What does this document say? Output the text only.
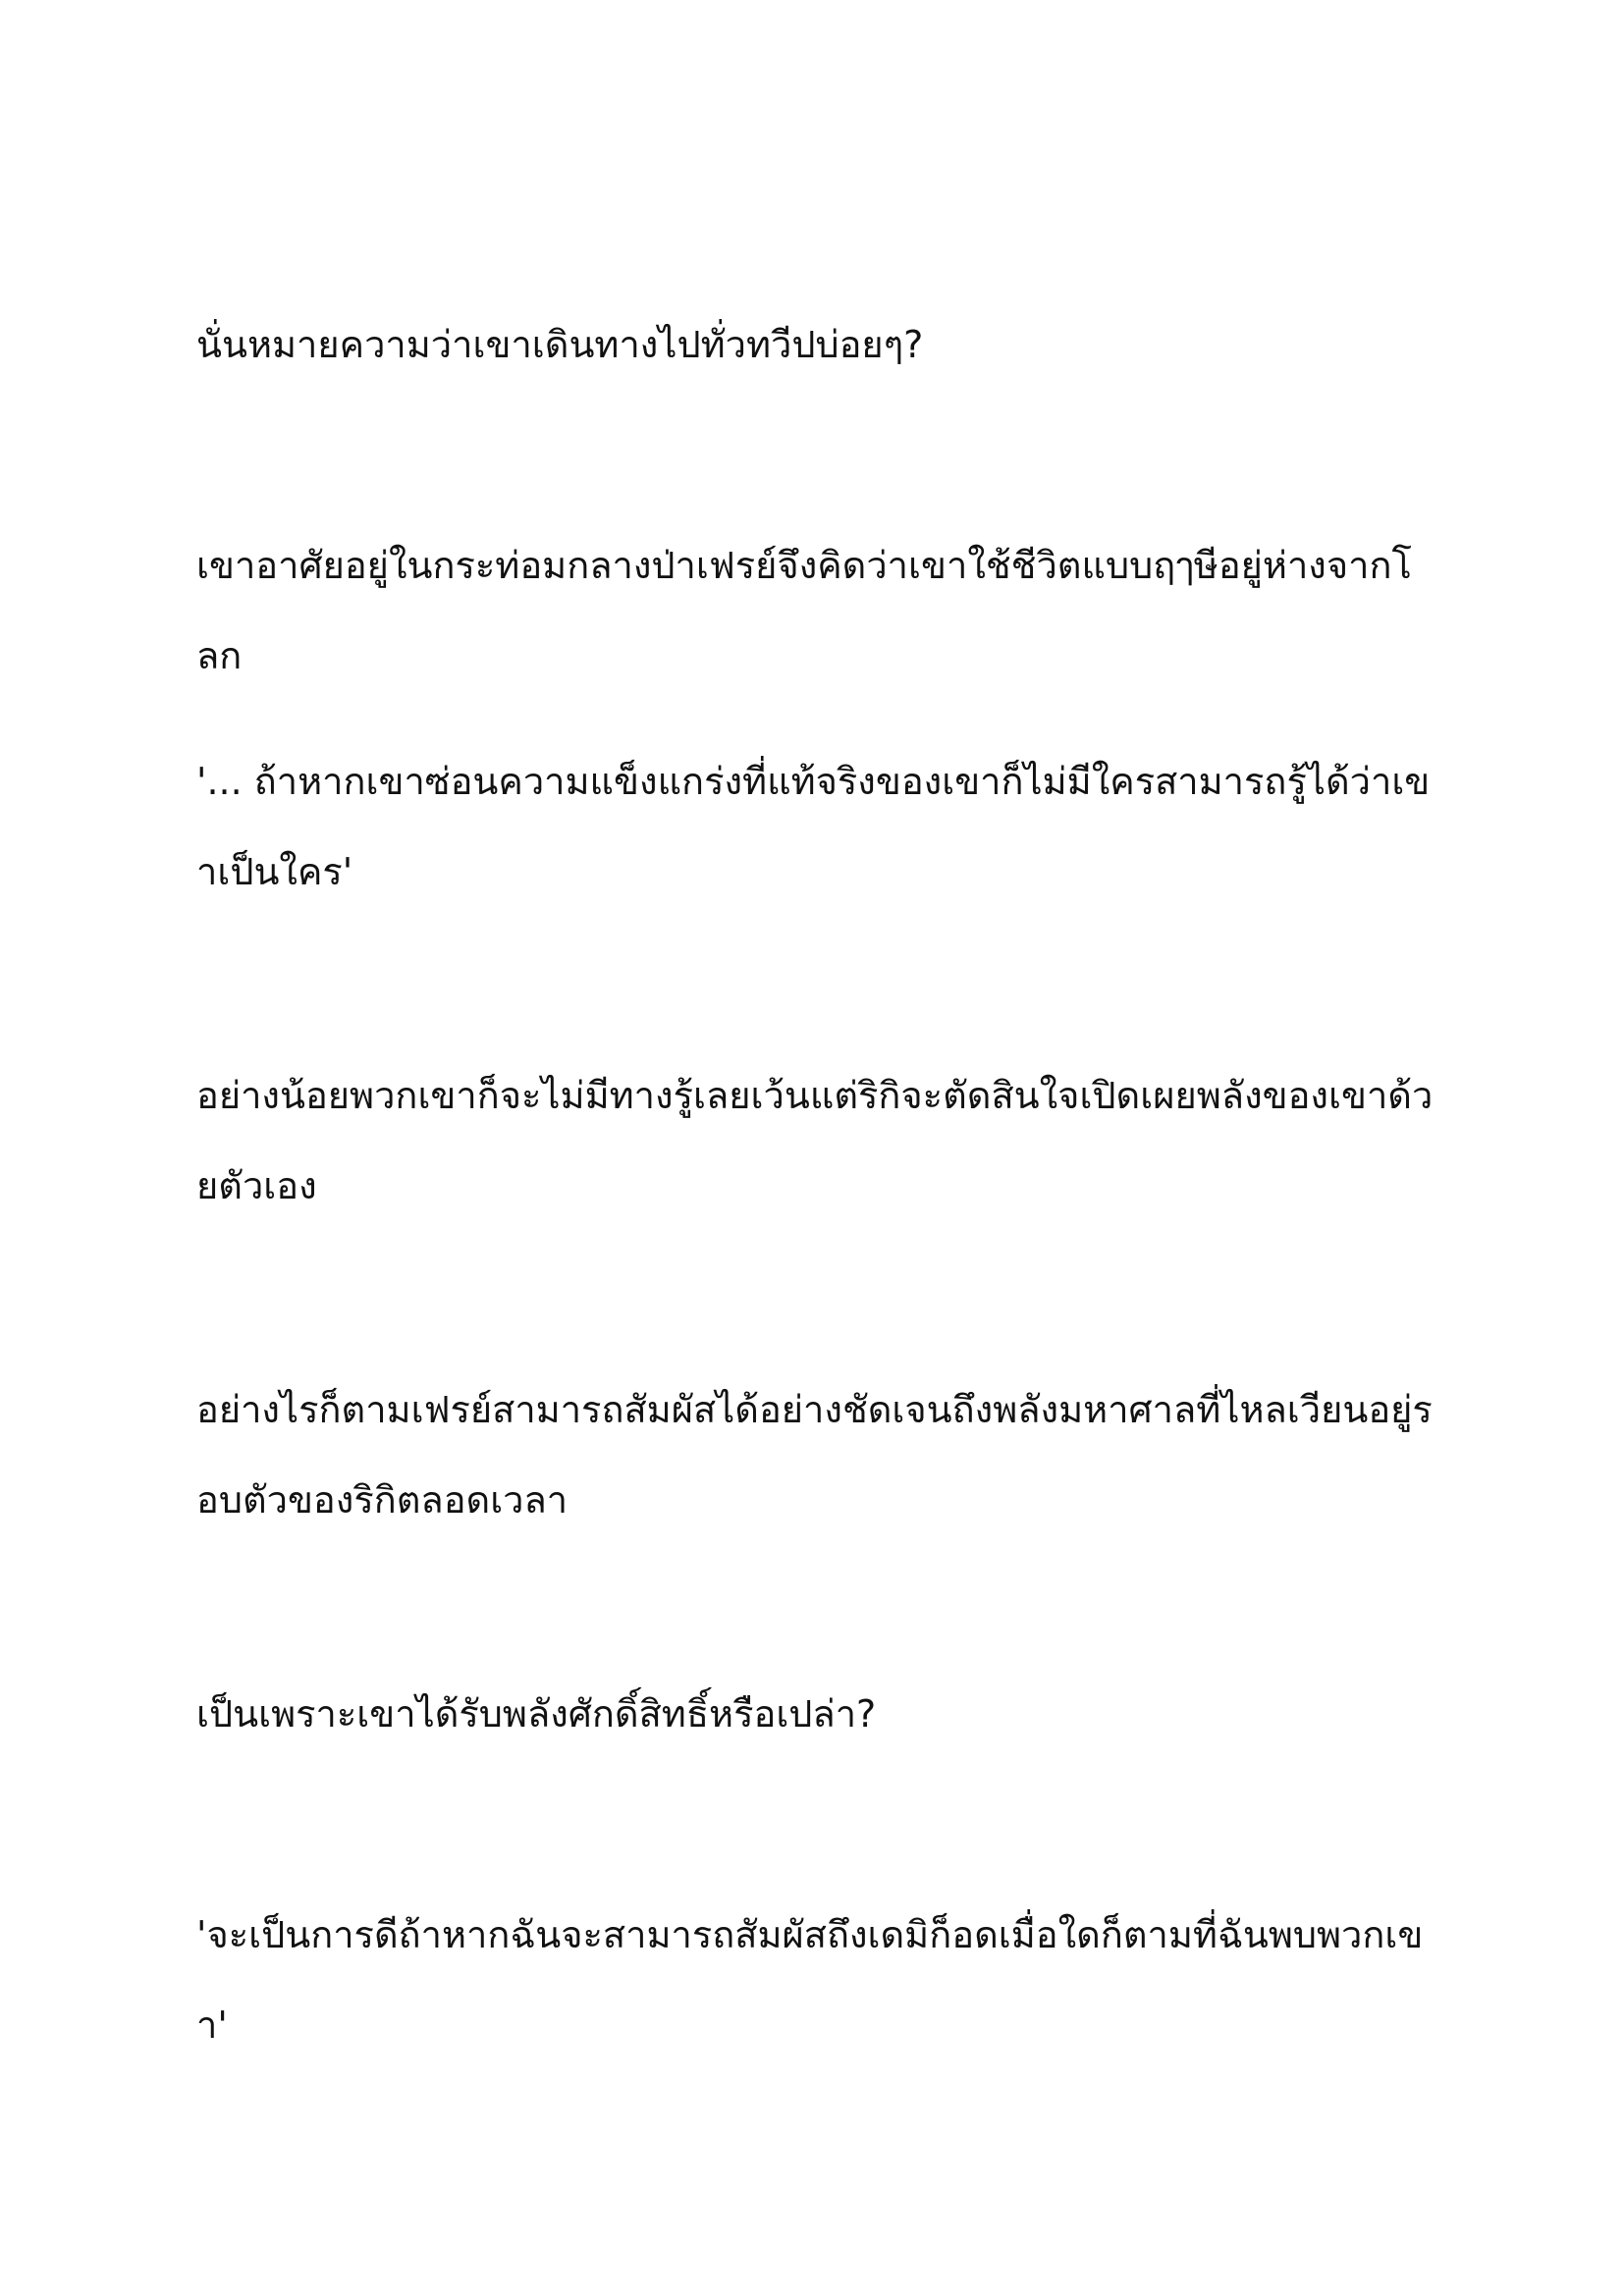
นั่นหมายความว่าเขาเดินทางไปทั่วทวีปบ่อยๆ?

เขาอาศัยอยู่ในกระท่อมกลางป่าเฟรย์จึงคิดว่าเขาใช้ชีวิตแบบฤๅษีอยู่ห่างจากโลก

'... ถ้าหากเขาซ่อนความแข็งแกร่งที่แท้จริงของเขาก็ไม่มีใครสามารถรู้ได้ว่าเขาเป็นใคร'

อย่างน้อยพวกเขาก็จะไม่มีทางรู้เลยเว้นแต่ริกิจะตัดสินใจเปิดเผยพลังของเขาด้วยตัวเอง

อย่างไรก็ตามเฟรย์สามารถสัมผัสได้อย่างชัดเจนถึงพลังมหาศาลที่ไหลเวียนอยู่รอบตัวของริกิตลอดเวลา

เป็นเพราะเขาได้รับพลังศักดิ์สิทธิ์หรือเปล่า?

'จะเป็นการดีถ้าหากฉันจะสามารถสัมผัสถึงเดมิก็อดเมื่อใดก็ตามที่ฉันพบพวกเขา'
